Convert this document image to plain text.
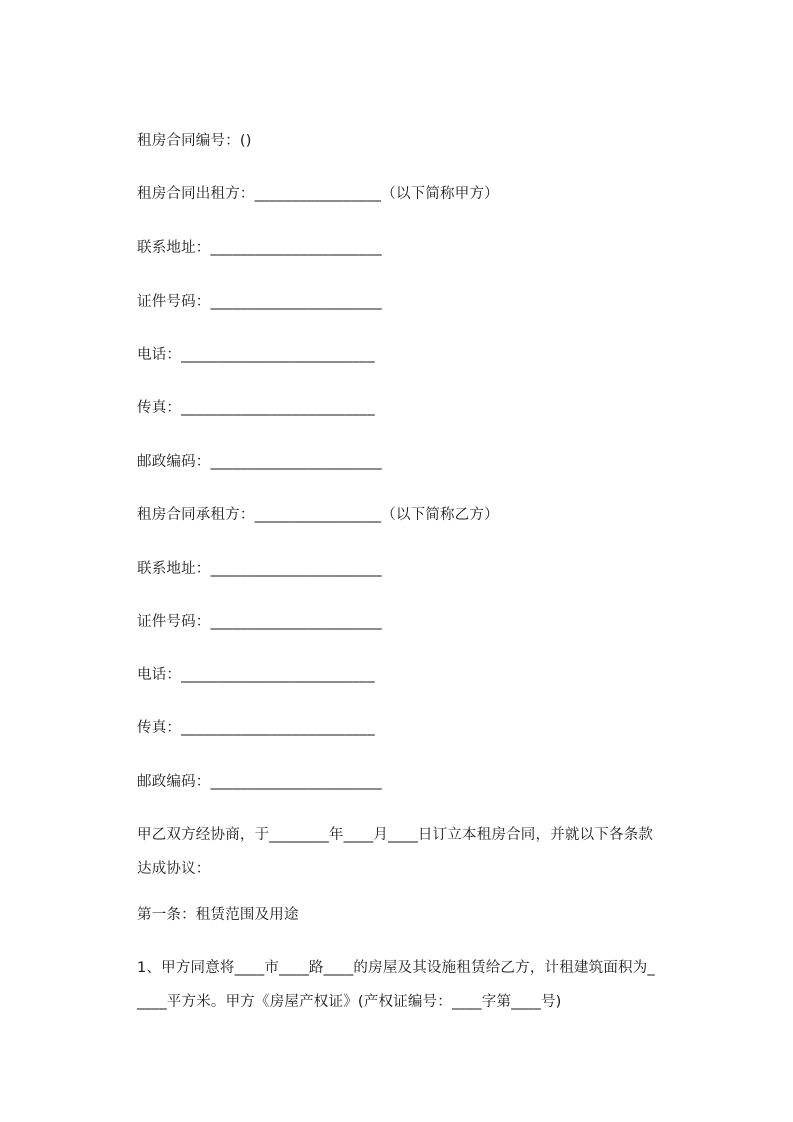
租房合同编号：()
租房合同出租方：_________________（以下简称甲方）
联系地址：_______________________
证件号码：_______________________
电话：__________________________
传真：__________________________
邮政编码：_______________________
租房合同承租方：_________________（以下简称乙方）
联系地址：_______________________
证件号码：_______________________
电话：__________________________
传真：__________________________
邮政编码：_______________________
甲乙双方经协商，于________年____月____日订立本租房合同，并就以下各条款
达成协议：
第一条：租赁范围及用途
1、甲方同意将____市____路____的房屋及其设施租赁给乙方，计租建筑面积为_
____平方米。甲方《房屋产权证》(产权证编号：____字第____号)
